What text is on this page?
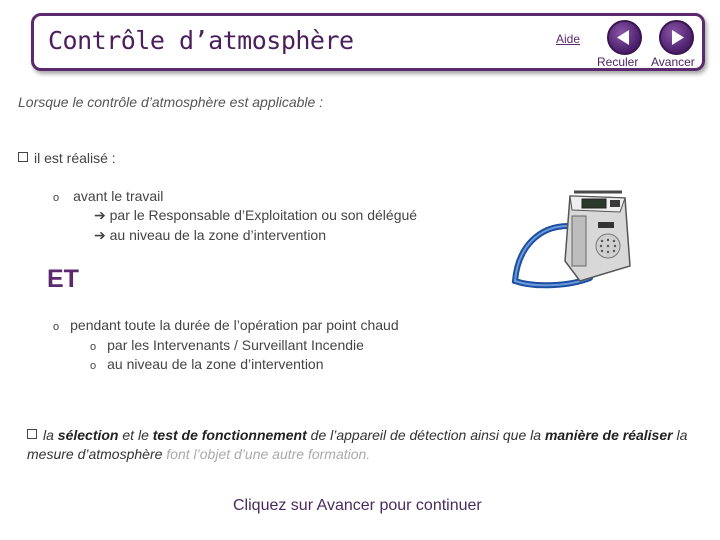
Contrôle d’atmosphère	Aide
Reculer Avancer
Lorsque le contrôle d’atmosphère est applicable :
il est réalisé :
o avant le travail
➔ par le Responsable d’Exploitation ou son délégué
➔ au niveau de la zone d’intervention
ET
o pendant toute la durée de l’opération par point chaud
o par les Intervenants / Surveillant Incendie
o au niveau de la zone d’intervention
la sélection et le test de fonctionnement de l’appareil de détection ainsi que la manière de réaliser la mesure d’atmosphère font l’objet d’une autre formation.
Cliquez sur Avancer pour continuer
